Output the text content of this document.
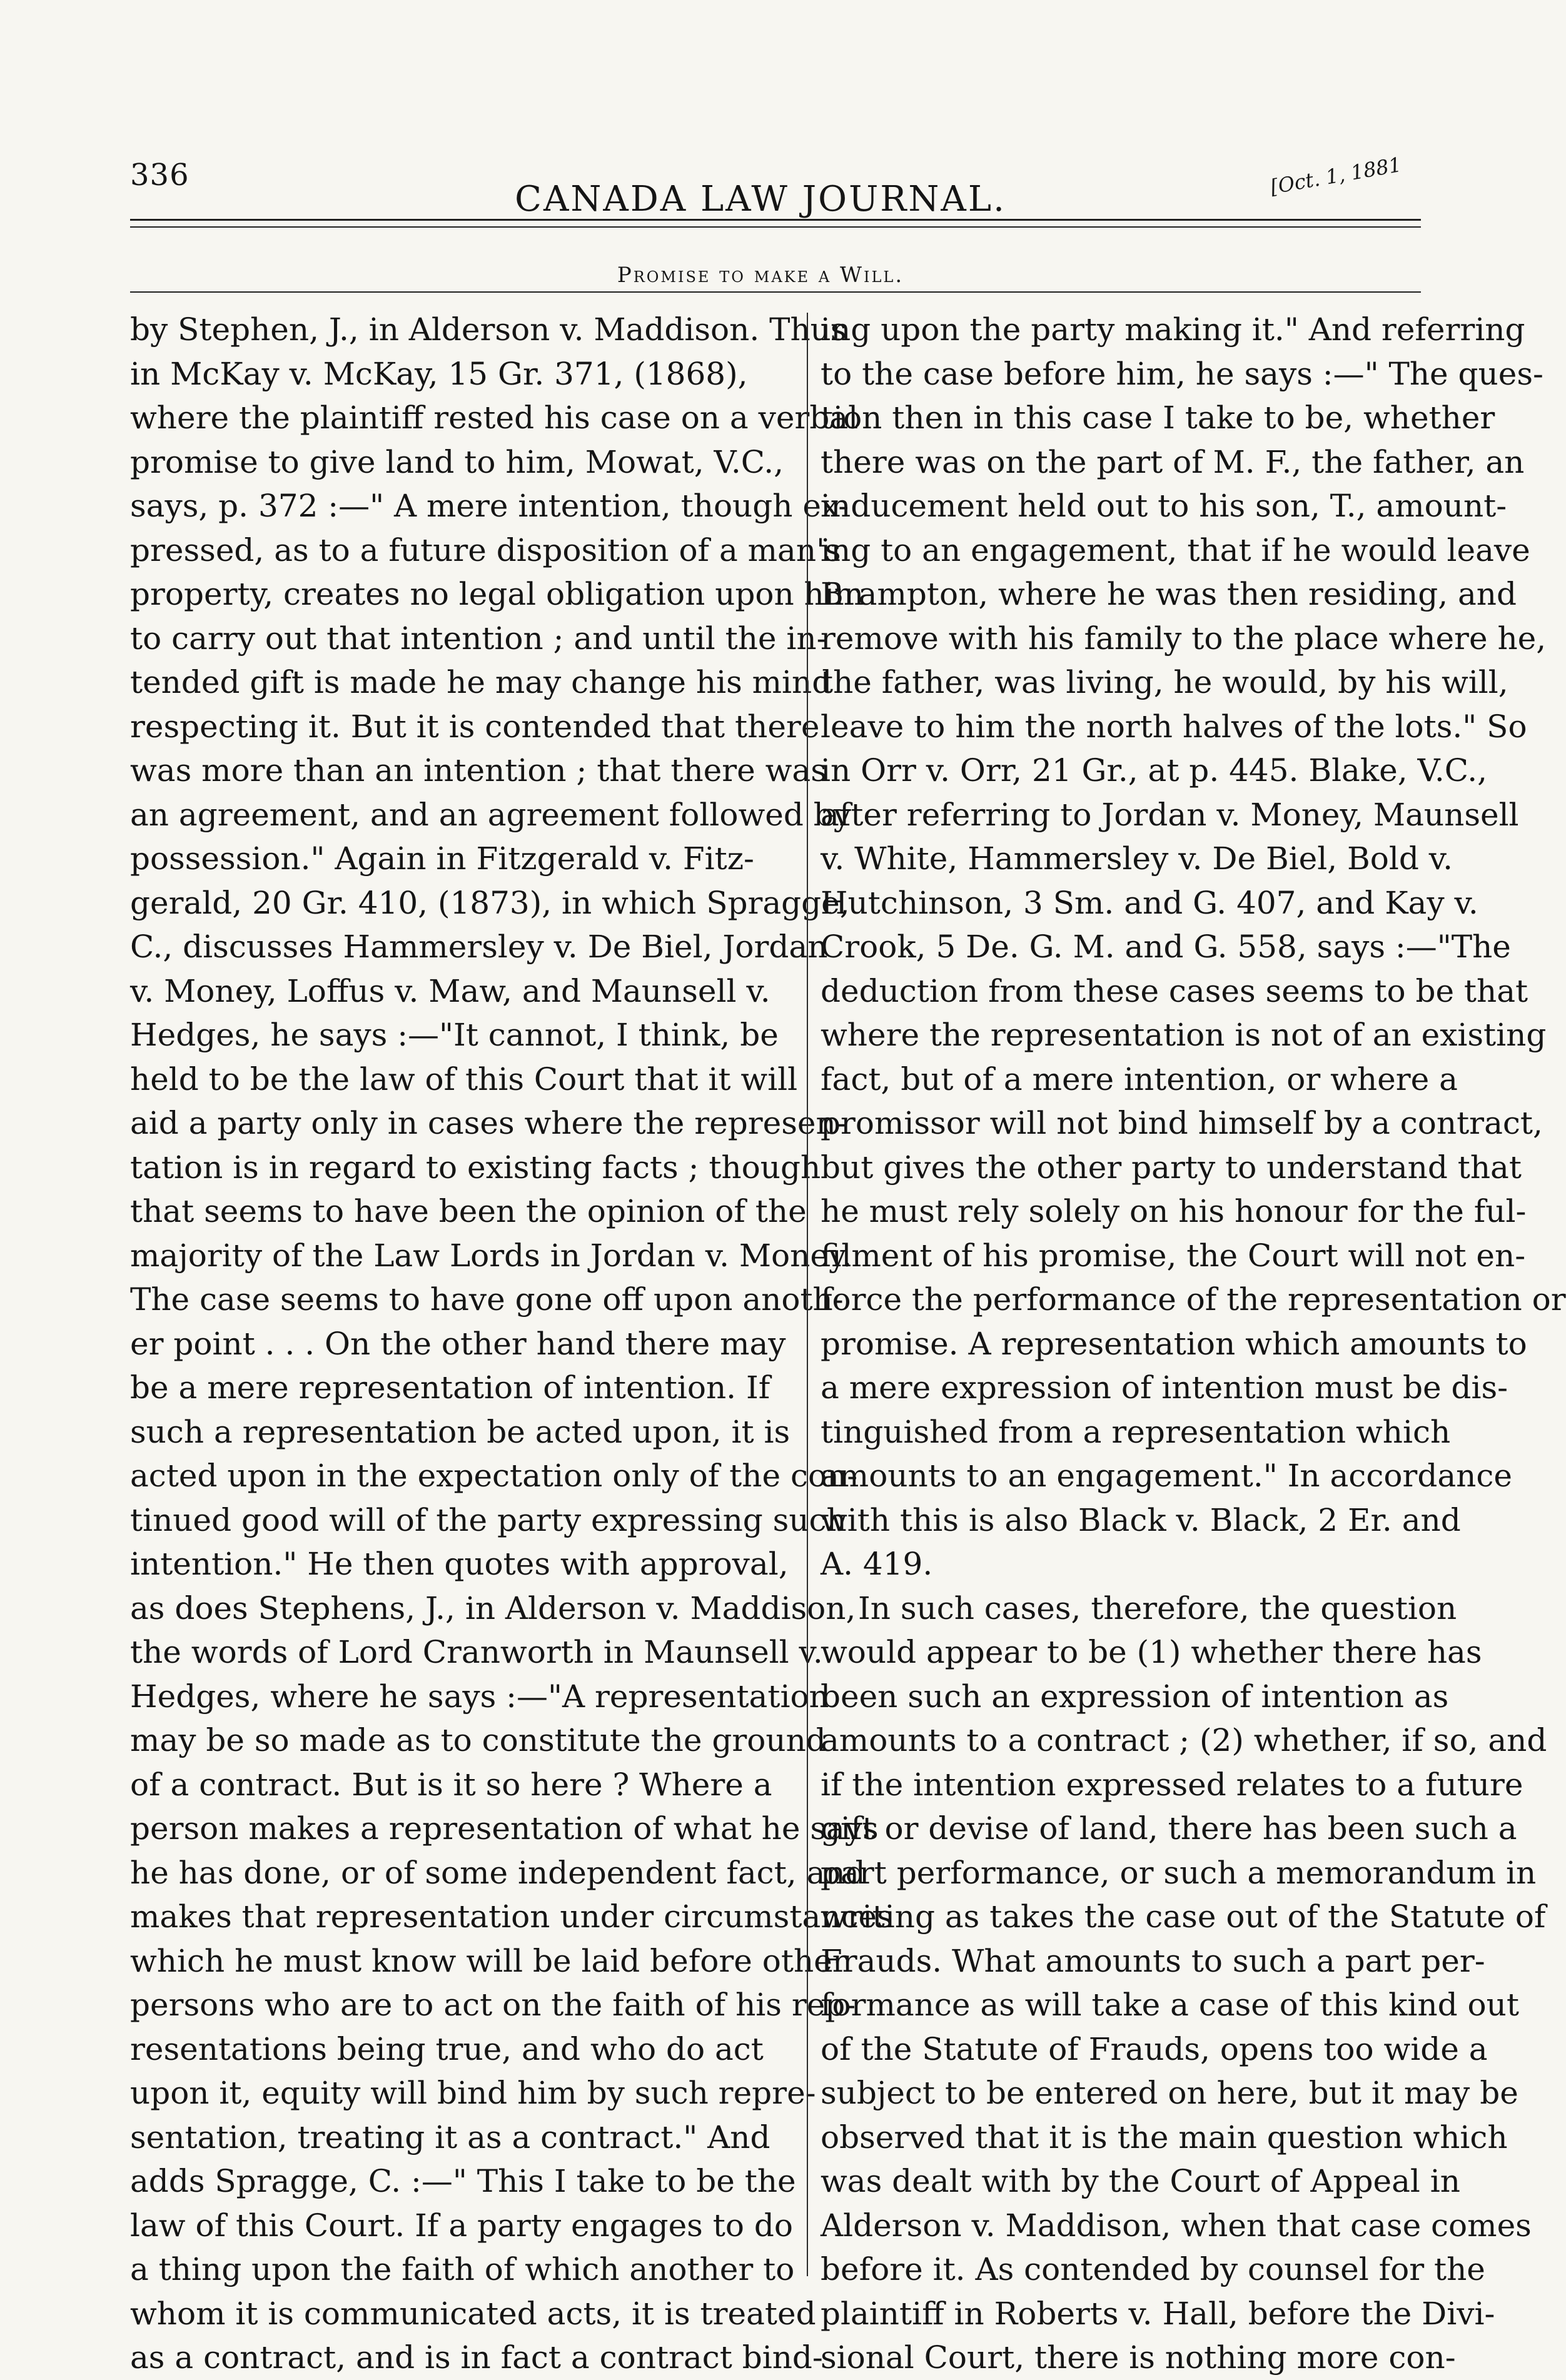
336
CANADA LAW JOURNAL.
[Oct. 1, 1881
Promise to make a Will.
by Stephen, J., in Alderson v. Maddison. Thus
in McKay v. McKay, 15 Gr. 371, (1868),
where the plaintiff rested his case on a verbal
promise to give land to him, Mowat, V.C.,
says, p. 372 :—" A mere intention, though ex-
pressed, as to a future disposition of a man's
property, creates no legal obligation upon him
to carry out that intention ; and until the in-
tended gift is made he may change his mind
respecting it. But it is contended that there
was more than an intention ; that there was
an agreement, and an agreement followed by
possession." Again in Fitzgerald v. Fitz-
gerald, 20 Gr. 410, (1873), in which Spragge,
C., discusses Hammersley v. De Biel, Jordan
v. Money, Loffus v. Maw, and Maunsell v.
Hedges, he says :—"It cannot, I think, be
held to be the law of this Court that it will
aid a party only in cases where the represen-
tation is in regard to existing facts ; though
that seems to have been the opinion of the
majority of the Law Lords in Jordan v. Money.
The case seems to have gone off upon anoth-
er point . . . On the other hand there may
be a mere representation of intention. If
such a representation be acted upon, it is
acted upon in the expectation only of the con-
tinued good will of the party expressing such
intention." He then quotes with approval,
as does Stephens, J., in Alderson v. Maddison,
the words of Lord Cranworth in Maunsell v.
Hedges, where he says :—"A representation
may be so made as to constitute the ground
of a contract. But is it so here ? Where a
person makes a representation of what he says
he has done, or of some independent fact, and
makes that representation under circumstances
which he must know will be laid before other
persons who are to act on the faith of his rep-
resentations being true, and who do act
upon it, equity will bind him by such repre-
sentation, treating it as a contract." And
adds Spragge, C. :—" This I take to be the
law of this Court. If a party engages to do
a thing upon the faith of which another to
whom it is communicated acts, it is treated
as a contract, and is in fact a contract bind-
ing upon the party making it." And referring
to the case before him, he says :—" The ques-
tion then in this case I take to be, whether
there was on the part of M. F., the father, an
inducement held out to his son, T., amount-
ing to an engagement, that if he would leave
Brampton, where he was then residing, and
remove with his family to the place where he,
the father, was living, he would, by his will,
leave to him the north halves of the lots." So
in Orr v. Orr, 21 Gr., at p. 445. Blake, V.C.,
after referring to Jordan v. Money, Maunsell
v. White, Hammersley v. De Biel, Bold v.
Hutchinson, 3 Sm. and G. 407, and Kay v.
Crook, 5 De. G. M. and G. 558, says :—"The
deduction from these cases seems to be that
where the representation is not of an existing
fact, but of a mere intention, or where a
promissor will not bind himself by a contract,
but gives the other party to understand that
he must rely solely on his honour for the ful-
filment of his promise, the Court will not en-
force the performance of the representation or
promise. A representation which amounts to
a mere expression of intention must be dis-
tinguished from a representation which
amounts to an engagement." In accordance
with this is also Black v. Black, 2 Er. and
A. 419.
In such cases, therefore, the question
would appear to be (1) whether there has
been such an expression of intention as
amounts to a contract ; (2) whether, if so, and
if the intention expressed relates to a future
gift or devise of land, there has been such a
part performance, or such a memorandum in
writing as takes the case out of the Statute of
Frauds. What amounts to such a part per-
formance as will take a case of this kind out
of the Statute of Frauds, opens too wide a
subject to be entered on here, but it may be
observed that it is the main question which
was dealt with by the Court of Appeal in
Alderson v. Maddison, when that case comes
before it. As contended by counsel for the
plaintiff in Roberts v. Hall, before the Divi-
sional Court, there is nothing more con-
